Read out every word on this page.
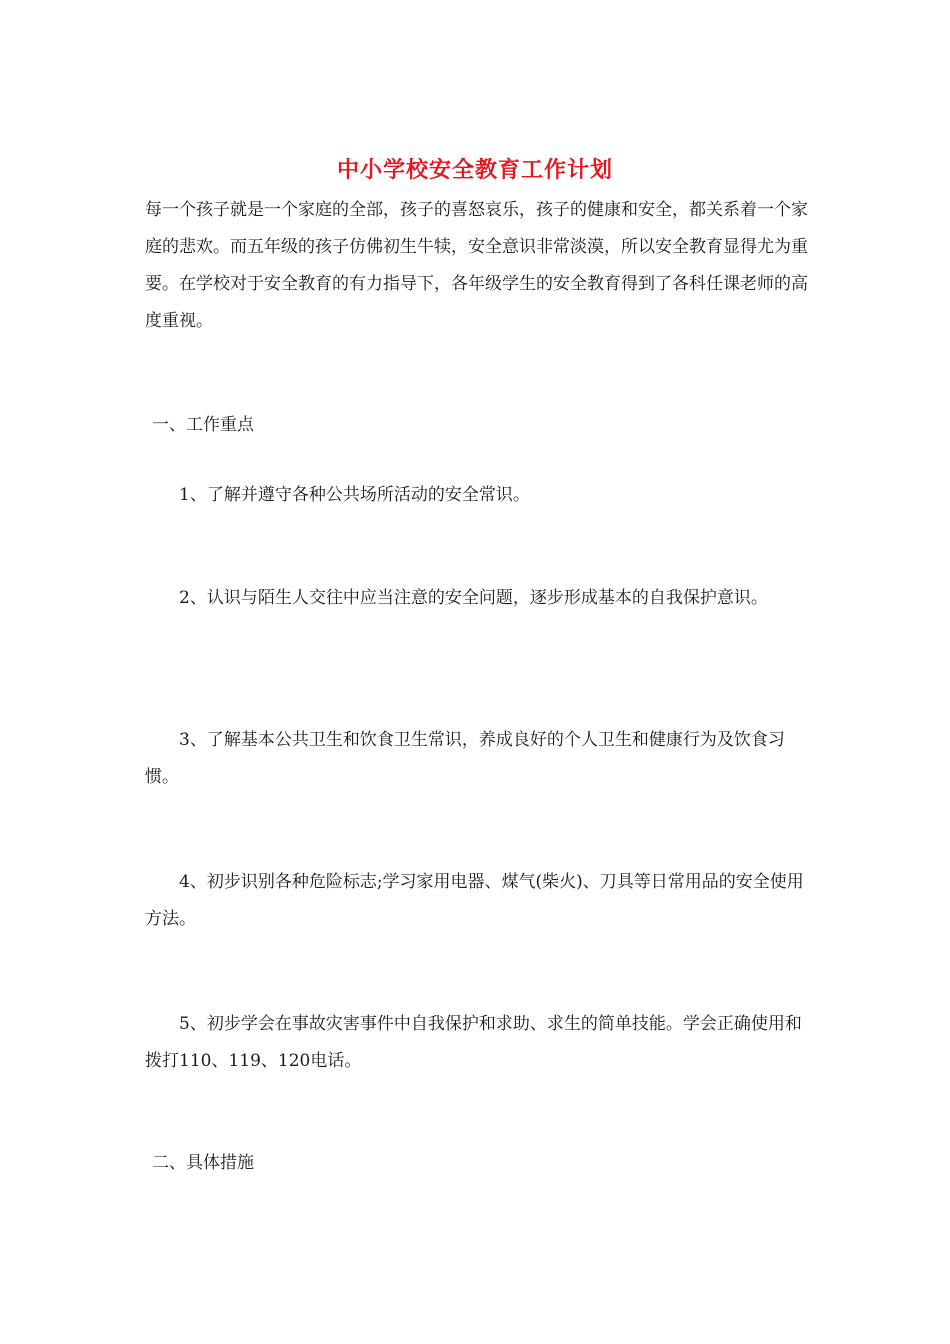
中小学校安全教育工作计划

每一个孩子就是一个家庭的全部，孩子的喜怒哀乐，孩子的健康和安全，都关系着一个家庭的悲欢。而五年级的孩子仿佛初生牛犊，安全意识非常淡漠，所以安全教育显得尤为重要。在学校对于安全教育的有力指导下，各年级学生的安全教育得到了各科任课老师的高度重视。

一、工作重点

1、了解并遵守各种公共场所活动的安全常识。

2、认识与陌生人交往中应当注意的安全问题，逐步形成基本的自我保护意识。

3、了解基本公共卫生和饮食卫生常识，养成良好的个人卫生和健康行为及饮食习惯。

4、初步识别各种危险标志;学习家用电器、煤气(柴火)、刀具等日常用品的安全使用方法。

5、初步学会在事故灾害事件中自我保护和求助、求生的简单技能。学会正确使用和拨打110、119、120电话。

二、具体措施
